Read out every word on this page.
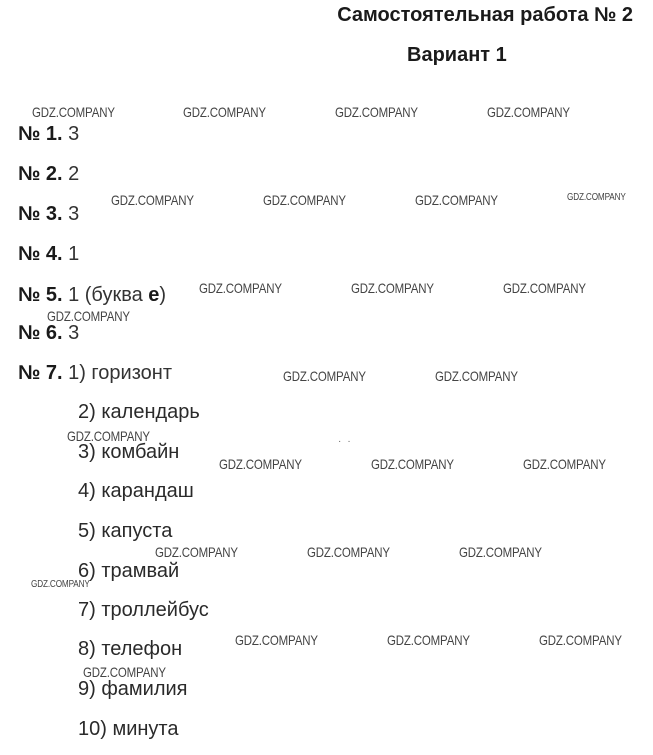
Самостоятельная работа № 2
Вариант 1
№ 1. 3
№ 2. 2
№ 3. 3
№ 4. 1
№ 5. 1 (буква е)
№ 6. 3
№ 7. 1) горизонт
2) календарь
3) комбайн
4) карандаш
5) капуста
6) трамвай
7) троллейбус
8) телефон
9) фамилия
10) минута
··
GDZ.COMPANY	GDZ.COMPANY	GDZ.COMPANY	GDZ.COMPANY
GDZ.COMPANY	GDZ.COMPANY	GDZ.COMPANY	GDZ.COMPANY
GDZ.COMPANY	GDZ.COMPANY	GDZ.COMPANY
GDZ.COMPANY
GDZ.COMPANY	GDZ.COMPANY
GDZ.COMPANY
GDZ.COMPANY	GDZ.COMPANY	GDZ.COMPANY
GDZ.COMPANY	GDZ.COMPANY	GDZ.COMPANY
GDZ.COMPANY
GDZ.COMPANY	GDZ.COMPANY	GDZ.COMPANY
GDZ.COMPANY
